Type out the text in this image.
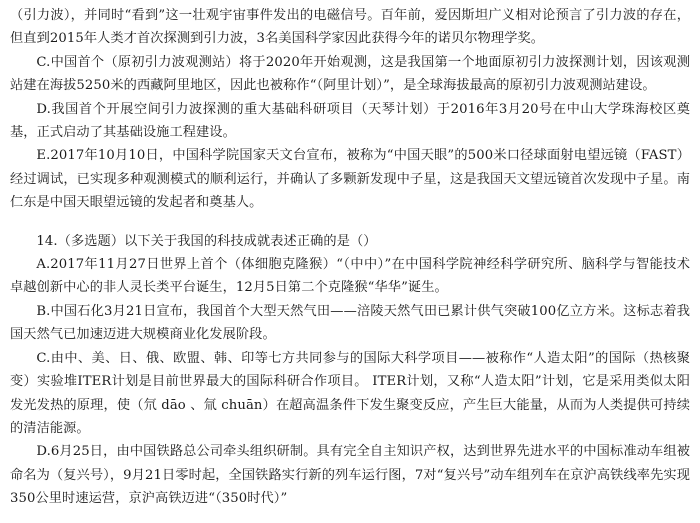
（引力波），并同时“看到”这一壮观宇宙事件发出的电磁信号。百年前，爱因斯坦广义相对论预言了引力波的存在，但直到2015年人类才首次探测到引力波，3名美国科学家因此获得今年的诺贝尔物理学奖。

C.中国首个（原初引力波观测站）将于2020年开始观测，这是我国第一个地面原初引力波探测计划，因该观测站建在海拔5250米的西藏阿里地区，因此也被称作“（阿里计划）”，是全球海拔最高的原初引力波观测站建设。

D.我国首个开展空间引力波探测的重大基础科研项目（天琴计划）于2016年3月20号在中山大学珠海校区奠基，正式启动了其基础设施工程建设。

E.2017年10月10日，中国科学院国家天文台宣布，被称为“中国天眼”的500米口径球面射电望远镜（FAST）经过调试，已实现多种观测模式的顺利运行，并确认了多颗新发现中子星，这是我国天文望远镜首次发现中子星。南仁东是中国天眼望远镜的发起者和奠基人。

14.（多选题）以下关于我国的科技成就表述正确的是（）

A.2017年11月27日世界上首个（体细胞克隆猴）“（中中）”在中国科学院神经科学研究所、脑科学与智能技术卓越创新中心的非人灵长类平台诞生，12月5日第二个克隆猴“华华”诞生。

B.中国石化3月21日宣布，我国首个大型天然气田——涪陵天然气田已累计供气突破100亿立方米。这标志着我国天然气已加速迈进大规模商业化发展阶段。

C.由中、美、日、俄、欧盟、韩、印等七方共同参与的国际大科学项目——被称作“人造太阳”的国际（热核聚变）实验堆ITER计划是目前世界最大的国际科研合作项目。 ITER计划，又称“人造太阳”计划，它是采用类似太阳发光发热的原理，使（氘 dāo 、氚 chuān）在超高温条件下发生聚变反应，产生巨大能量，从而为人类提供可持续的清洁能源。

D.6月25日，由中国铁路总公司牵头组织研制。具有完全自主知识产权，达到世界先进水平的中国标准动车组被命名为（复兴号），9月21日零时起，全国铁路实行新的列车运行图，7对“复兴号”动车组列车在京沪高铁线率先实现350公里时速运营，京沪高铁迈进“（350时代）”
